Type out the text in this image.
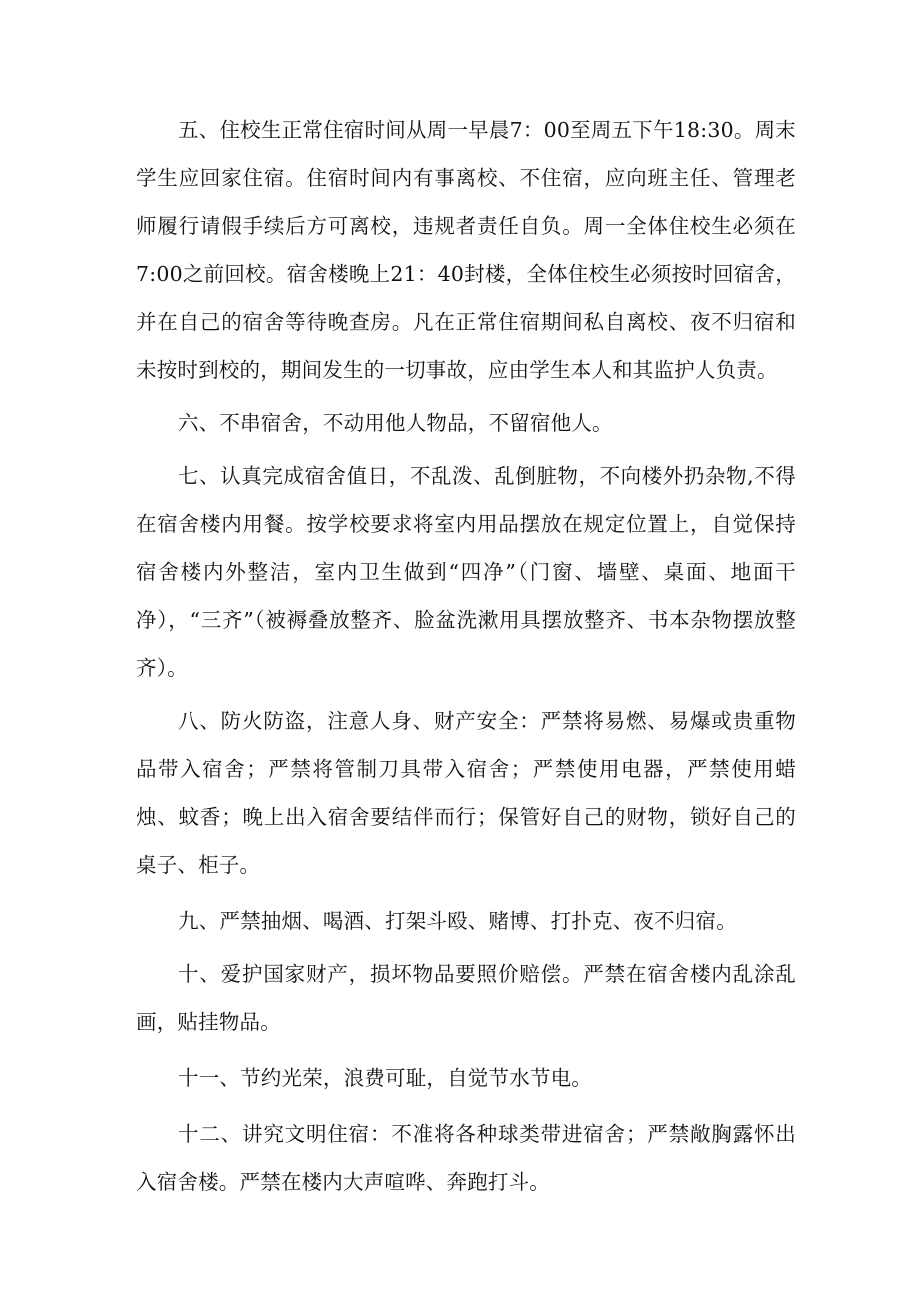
五、住校生正常住宿时间从周一早晨7：00至周五下午18:30。周末学生应回家住宿。住宿时间内有事离校、不住宿，应向班主任、管理老师履行请假手续后方可离校，违规者责任自负。周一全体住校生必须在7:00之前回校。宿舍楼晚上21：40封楼，全体住校生必须按时回宿舍，并在自己的宿舍等待晚查房。凡在正常住宿期间私自离校、夜不归宿和未按时到校的，期间发生的一切事故，应由学生本人和其监护人负责。

六、不串宿舍，不动用他人物品，不留宿他人。

七、认真完成宿舍值日，不乱泼、乱倒脏物，不向楼外扔杂物,不得在宿舍楼内用餐。按学校要求将室内用品摆放在规定位置上，自觉保持宿舍楼内外整洁，室内卫生做到“四净”（门窗、墙壁、桌面、地面干净），“三齐”（被褥叠放整齐、脸盆洗漱用具摆放整齐、书本杂物摆放整齐）。

八、防火防盗，注意人身、财产安全：严禁将易燃、易爆或贵重物品带入宿舍；严禁将管制刀具带入宿舍；严禁使用电器，严禁使用蜡烛、蚊香；晚上出入宿舍要结伴而行；保管好自己的财物，锁好自己的桌子、柜子。

九、严禁抽烟、喝酒、打架斗殴、赌博、打扑克、夜不归宿。

十、爱护国家财产，损坏物品要照价赔偿。严禁在宿舍楼内乱涂乱画，贴挂物品。

十一、节约光荣，浪费可耻，自觉节水节电。

十二、讲究文明住宿：不准将各种球类带进宿舍；严禁敞胸露怀出入宿舍楼。严禁在楼内大声喧哗、奔跑打斗。
